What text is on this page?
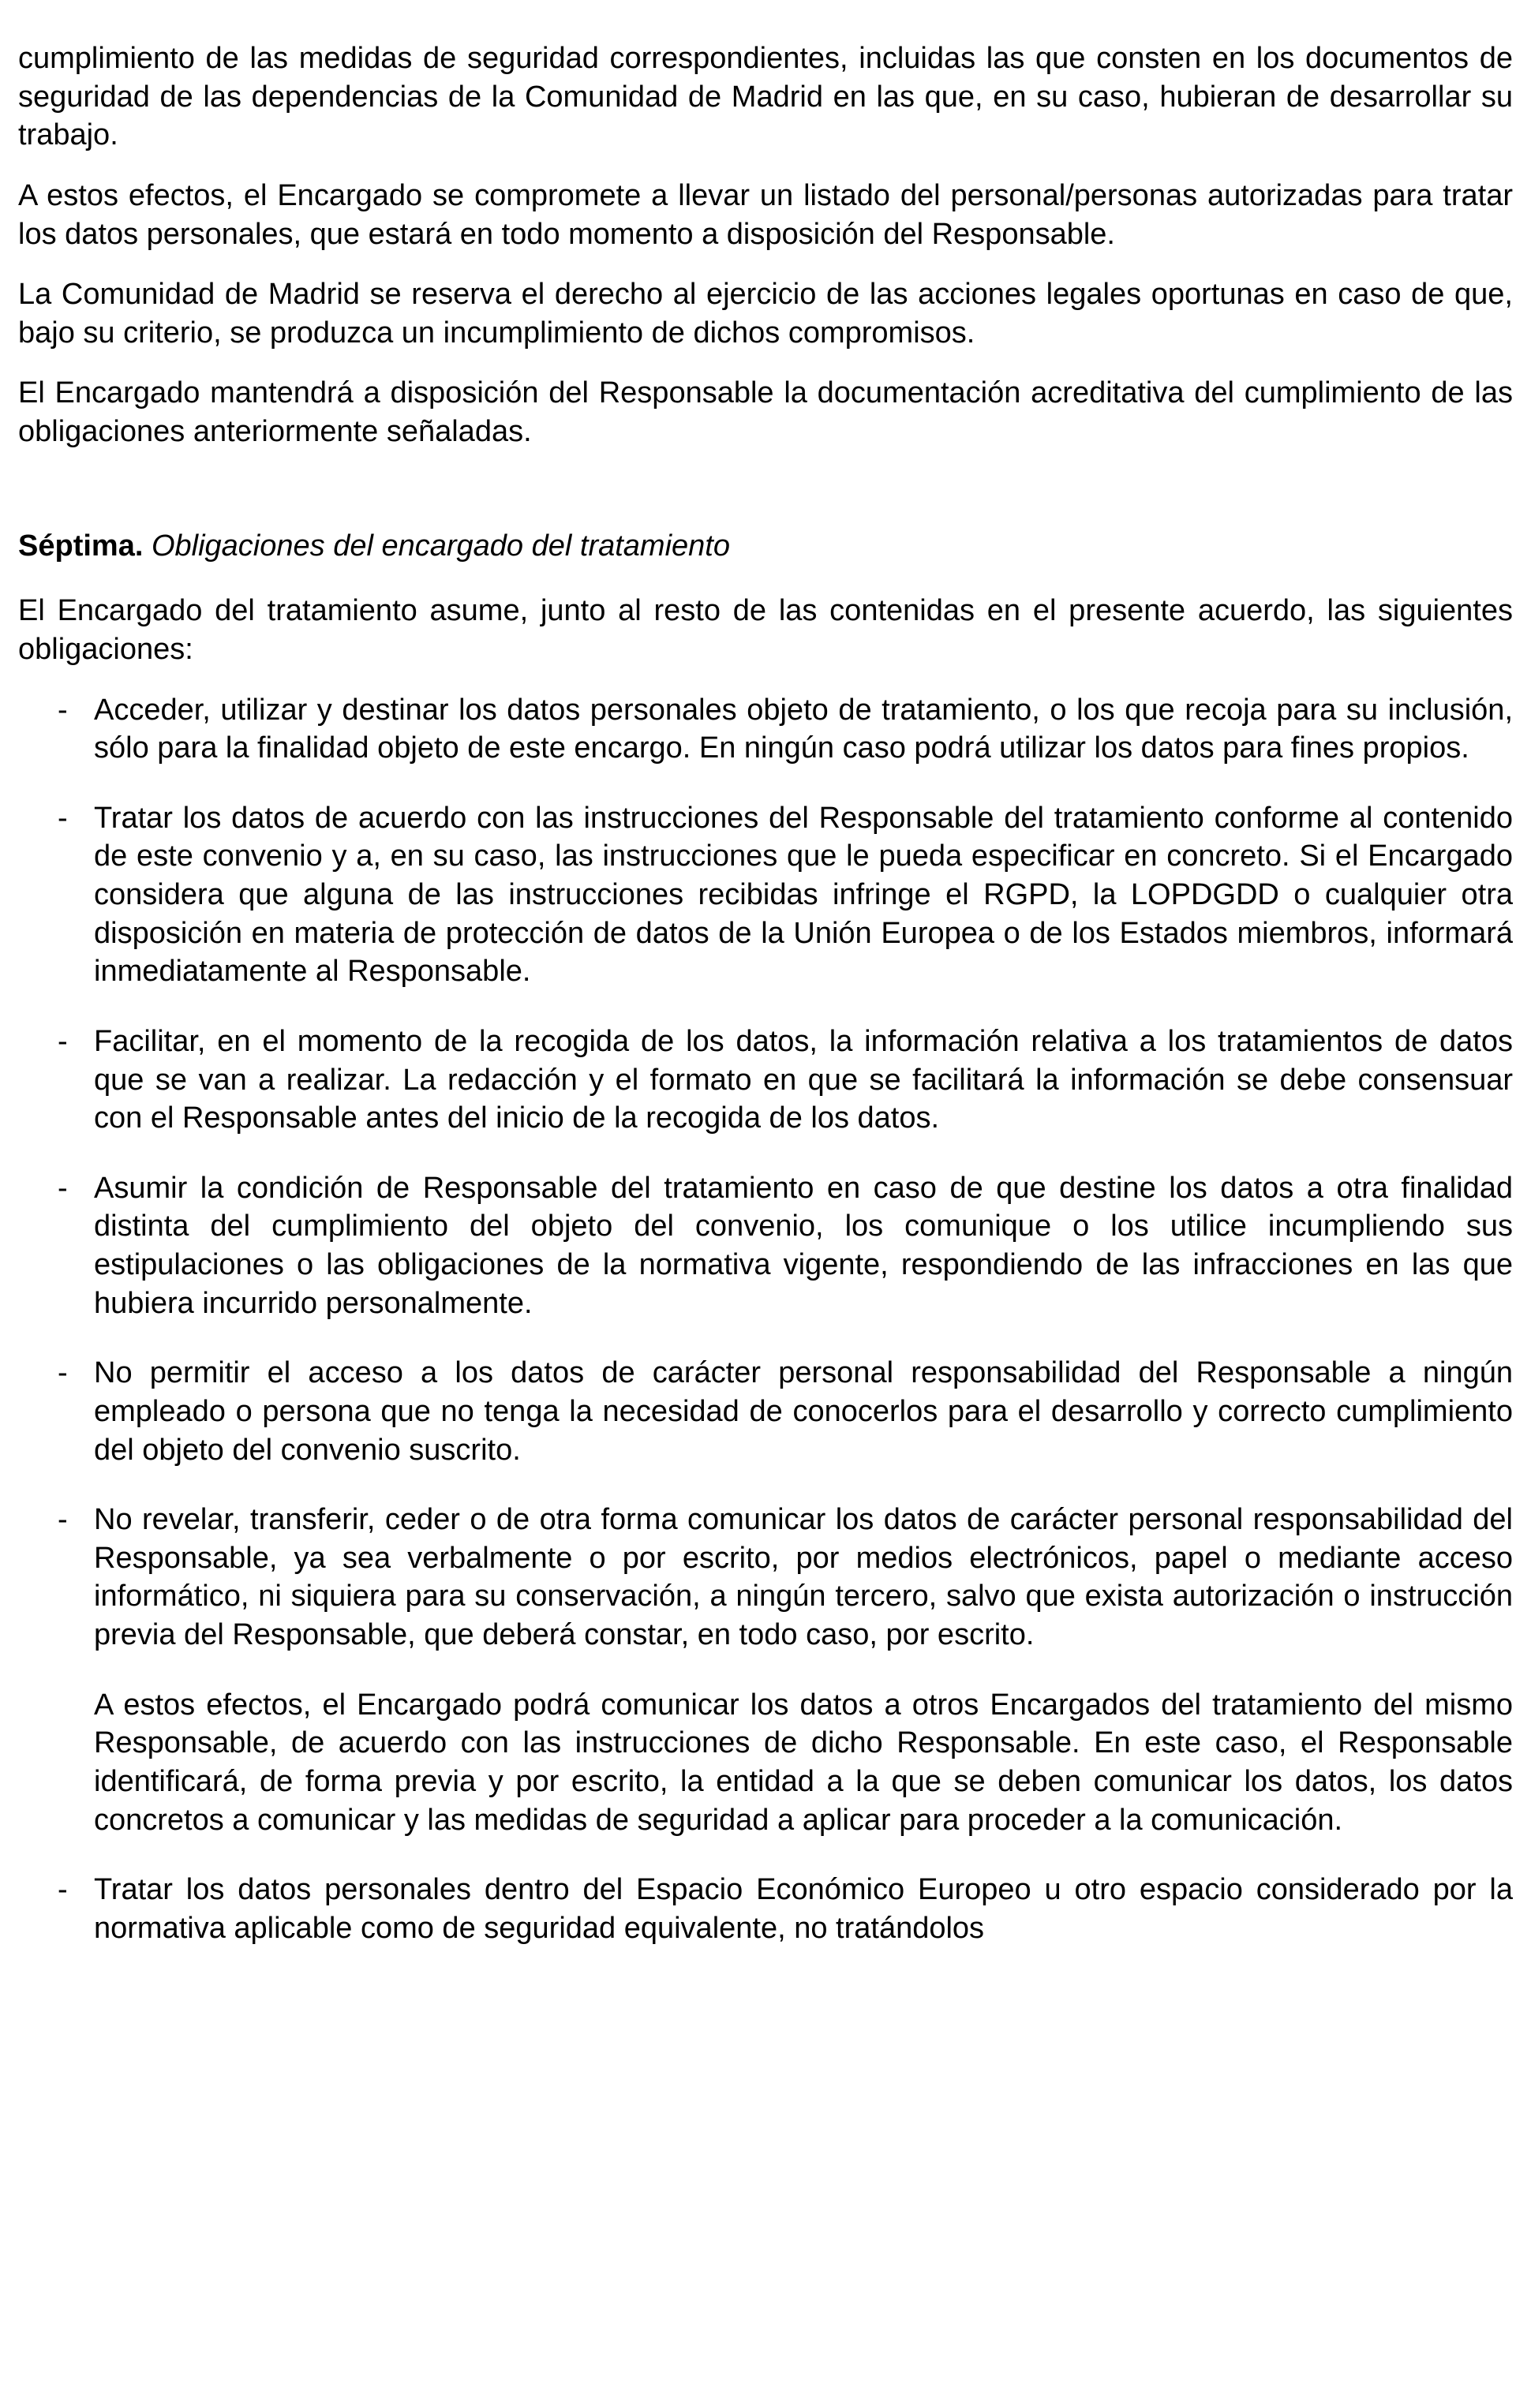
cumplimiento de las medidas de seguridad correspondientes, incluidas las que consten en los documentos de seguridad de las dependencias de la Comunidad de Madrid en las que, en su caso, hubieran de desarrollar su trabajo.

A estos efectos, el Encargado se compromete a llevar un listado del personal/personas autorizadas para tratar los datos personales, que estará en todo momento a disposición del Responsable.

La Comunidad de Madrid se reserva el derecho al ejercicio de las acciones legales oportunas en caso de que, bajo su criterio, se produzca un incumplimiento de dichos compromisos.

El Encargado mantendrá a disposición del Responsable la documentación acreditativa del cumplimiento de las obligaciones anteriormente señaladas.

Séptima. Obligaciones del encargado del tratamiento

El Encargado del tratamiento asume, junto al resto de las contenidas en el presente acuerdo, las siguientes obligaciones:

- Acceder, utilizar y destinar los datos personales objeto de tratamiento, o los que recoja para su inclusión, sólo para la finalidad objeto de este encargo. En ningún caso podrá utilizar los datos para fines propios.
- Tratar los datos de acuerdo con las instrucciones del Responsable del tratamiento conforme al contenido de este convenio y a, en su caso, las instrucciones que le pueda especificar en concreto. Si el Encargado considera que alguna de las instrucciones recibidas infringe el RGPD, la LOPDGDD o cualquier otra disposición en materia de protección de datos de la Unión Europea o de los Estados miembros, informará inmediatamente al Responsable.
- Facilitar, en el momento de la recogida de los datos, la información relativa a los tratamientos de datos que se van a realizar. La redacción y el formato en que se facilitará la información se debe consensuar con el Responsable antes del inicio de la recogida de los datos.
- Asumir la condición de Responsable del tratamiento en caso de que destine los datos a otra finalidad distinta del cumplimiento del objeto del convenio, los comunique o los utilice incumpliendo sus estipulaciones o las obligaciones de la normativa vigente, respondiendo de las infracciones en las que hubiera incurrido personalmente.
- No permitir el acceso a los datos de carácter personal responsabilidad del Responsable a ningún empleado o persona que no tenga la necesidad de conocerlos para el desarrollo y correcto cumplimiento del objeto del convenio suscrito.
- No revelar, transferir, ceder o de otra forma comunicar los datos de carácter personal responsabilidad del Responsable, ya sea verbalmente o por escrito, por medios electrónicos, papel o mediante acceso informático, ni siquiera para su conservación, a ningún tercero, salvo que exista autorización o instrucción previa del Responsable, que deberá constar, en todo caso, por escrito.
A estos efectos, el Encargado podrá comunicar los datos a otros Encargados del tratamiento del mismo Responsable, de acuerdo con las instrucciones de dicho Responsable. En este caso, el Responsable identificará, de forma previa y por escrito, la entidad a la que se deben comunicar los datos, los datos concretos a comunicar y las medidas de seguridad a aplicar para proceder a la comunicación.
- Tratar los datos personales dentro del Espacio Económico Europeo u otro espacio considerado por la normativa aplicable como de seguridad equivalente, no tratándolos
